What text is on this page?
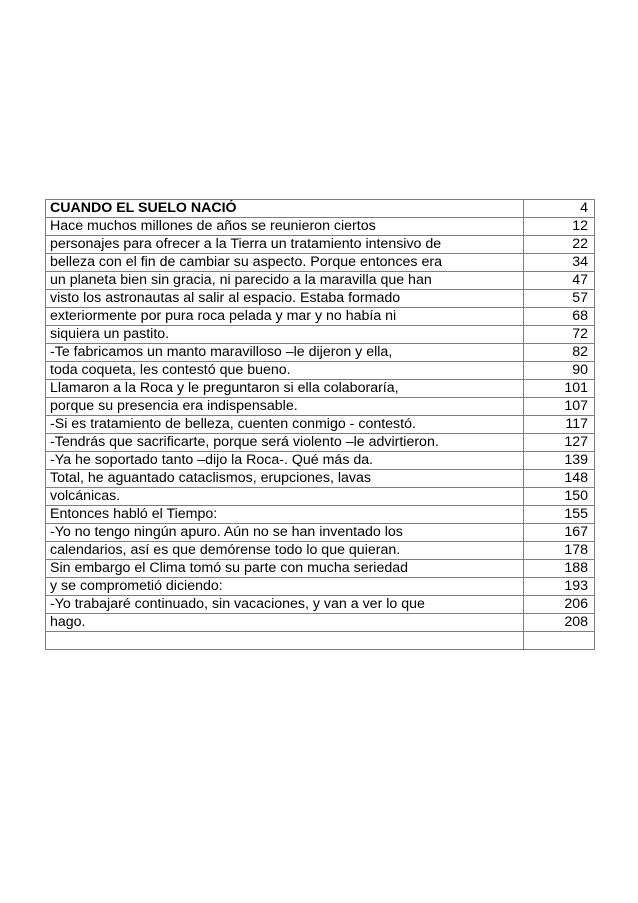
CUANDO EL SUELO NACIÓ	4
Hace muchos millones de años se reunieron ciertos	12
personajes para ofrecer a la Tierra un tratamiento intensivo de	22
belleza con el fin de cambiar su aspecto. Porque entonces era	34
un planeta bien sin gracia, ni parecido a la maravilla que han	47
visto los astronautas al salir al espacio. Estaba formado	57
exteriormente por pura roca pelada y mar y no había ni	68
siquiera un pastito.	72
-Te fabricamos un manto maravilloso –le dijeron y ella,	82
toda coqueta, les contestó que bueno.	90
Llamaron a la Roca y le preguntaron si ella colaboraría,	101
porque su presencia era indispensable.	107
-Si es tratamiento de belleza, cuenten conmigo - contestó.	117
-Tendrás que sacrificarte, porque será violento –le advirtieron.	127
-Ya he soportado tanto –dijo la Roca-. Qué más da.	139
Total, he aguantado cataclismos, erupciones, lavas	148
volcánicas.	150
Entonces habló el Tiempo:	155
-Yo no tengo ningún apuro. Aún no se han inventado los	167
calendarios, así es que demórense todo lo que quieran.	178
Sin embargo el Clima tomó su parte con mucha seriedad	188
y se comprometió diciendo:	193
-Yo trabajaré continuado, sin vacaciones, y van a ver lo que	206
hago.	208
